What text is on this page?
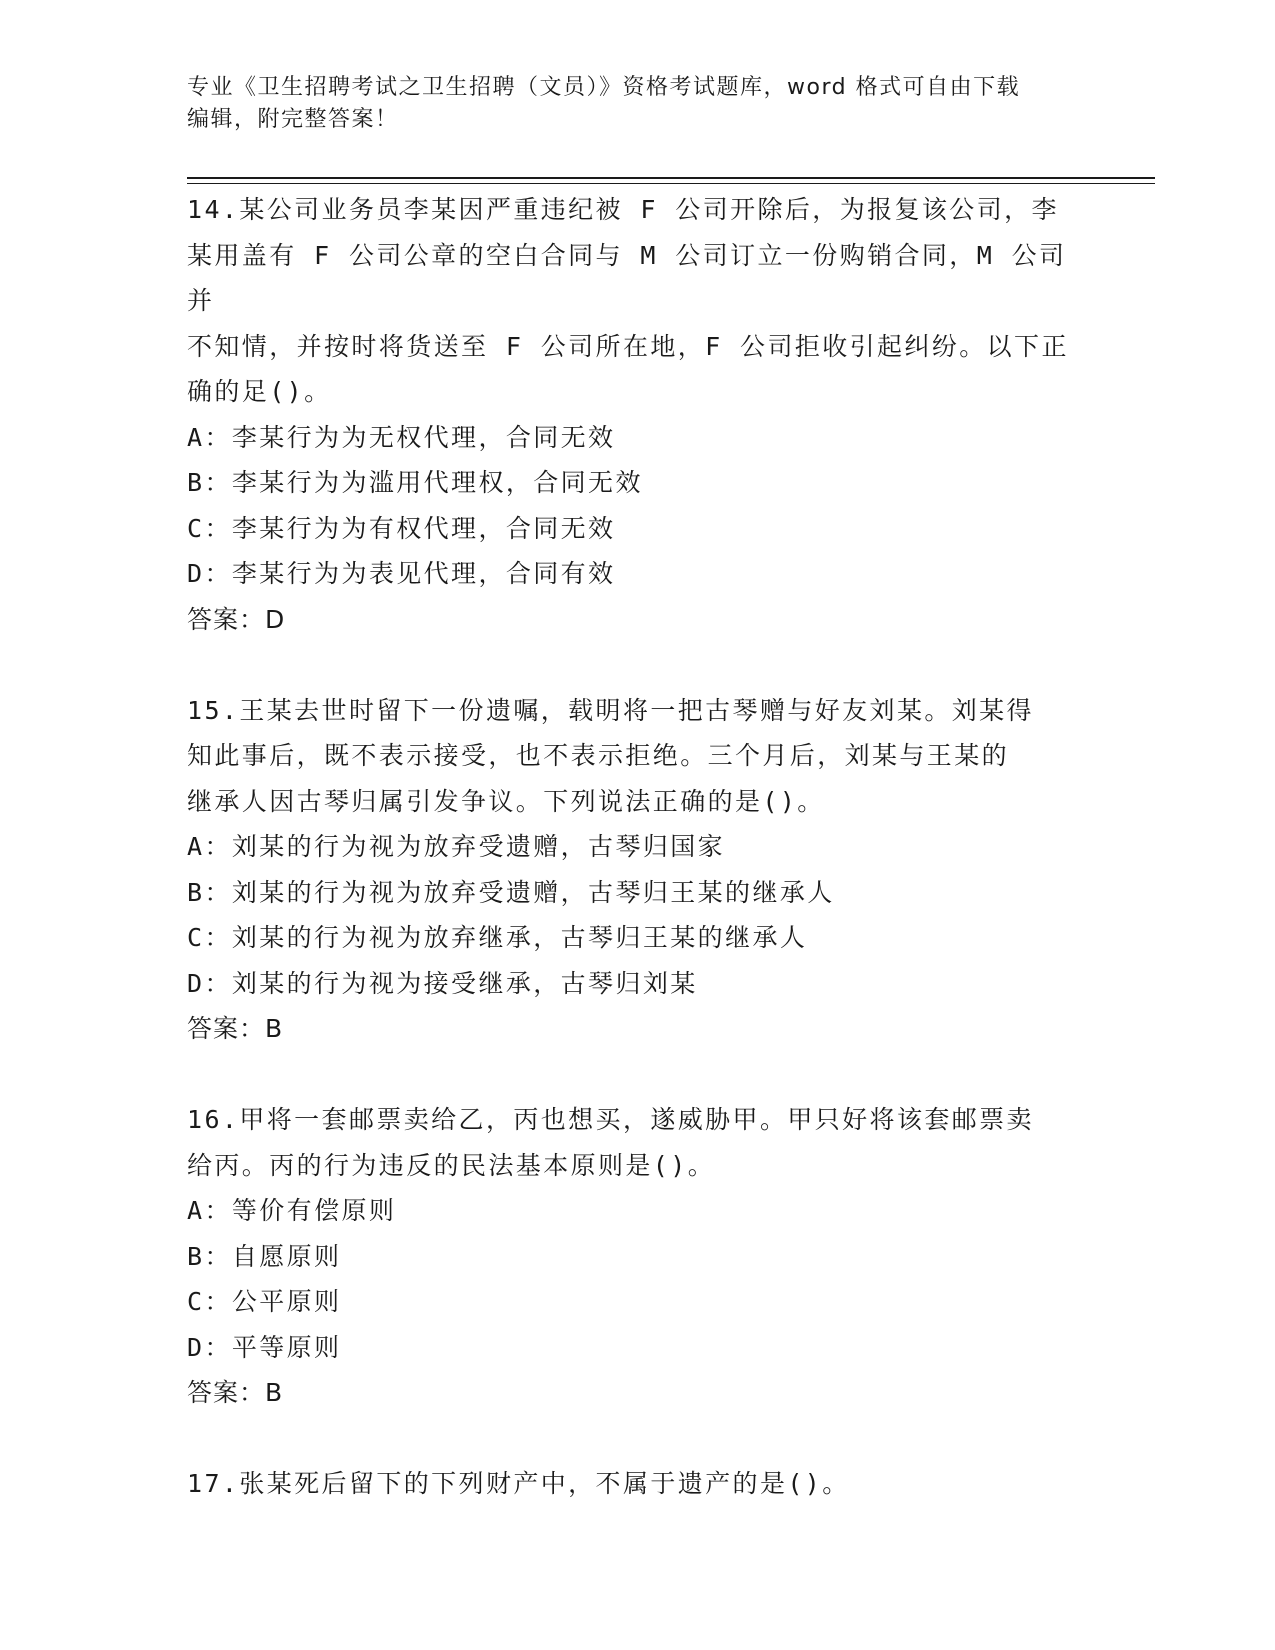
专业《卫生招聘考试之卫生招聘（文员）》资格考试题库，word 格式可自由下载
编辑，附完整答案！
14.某公司业务员李某因严重违纪被 F 公司开除后，为报复该公司，李
某用盖有 F 公司公章的空白合同与 M 公司订立一份购销合同，M 公司并
不知情，并按时将货送至 F 公司所在地，F 公司拒收引起纠纷。以下正
确的足()。
A：李某行为为无权代理，合同无效
B：李某行为为滥用代理权，合同无效
C：李某行为为有权代理，合同无效
D：李某行为为表见代理，合同有效
答案：D
15.王某去世时留下一份遗嘱，载明将一把古琴赠与好友刘某。刘某得
知此事后，既不表示接受，也不表示拒绝。三个月后，刘某与王某的
继承人因古琴归属引发争议。下列说法正确的是()。
A：刘某的行为视为放弃受遗赠，古琴归国家
B：刘某的行为视为放弃受遗赠，古琴归王某的继承人
C：刘某的行为视为放弃继承，古琴归王某的继承人
D：刘某的行为视为接受继承，古琴归刘某
答案：B
16.甲将一套邮票卖给乙，丙也想买，遂威胁甲。甲只好将该套邮票卖
给丙。丙的行为违反的民法基本原则是()。
A：等价有偿原则
B：自愿原则
C：公平原则
D：平等原则
答案：B
17.张某死后留下的下列财产中，不属于遗产的是()。
